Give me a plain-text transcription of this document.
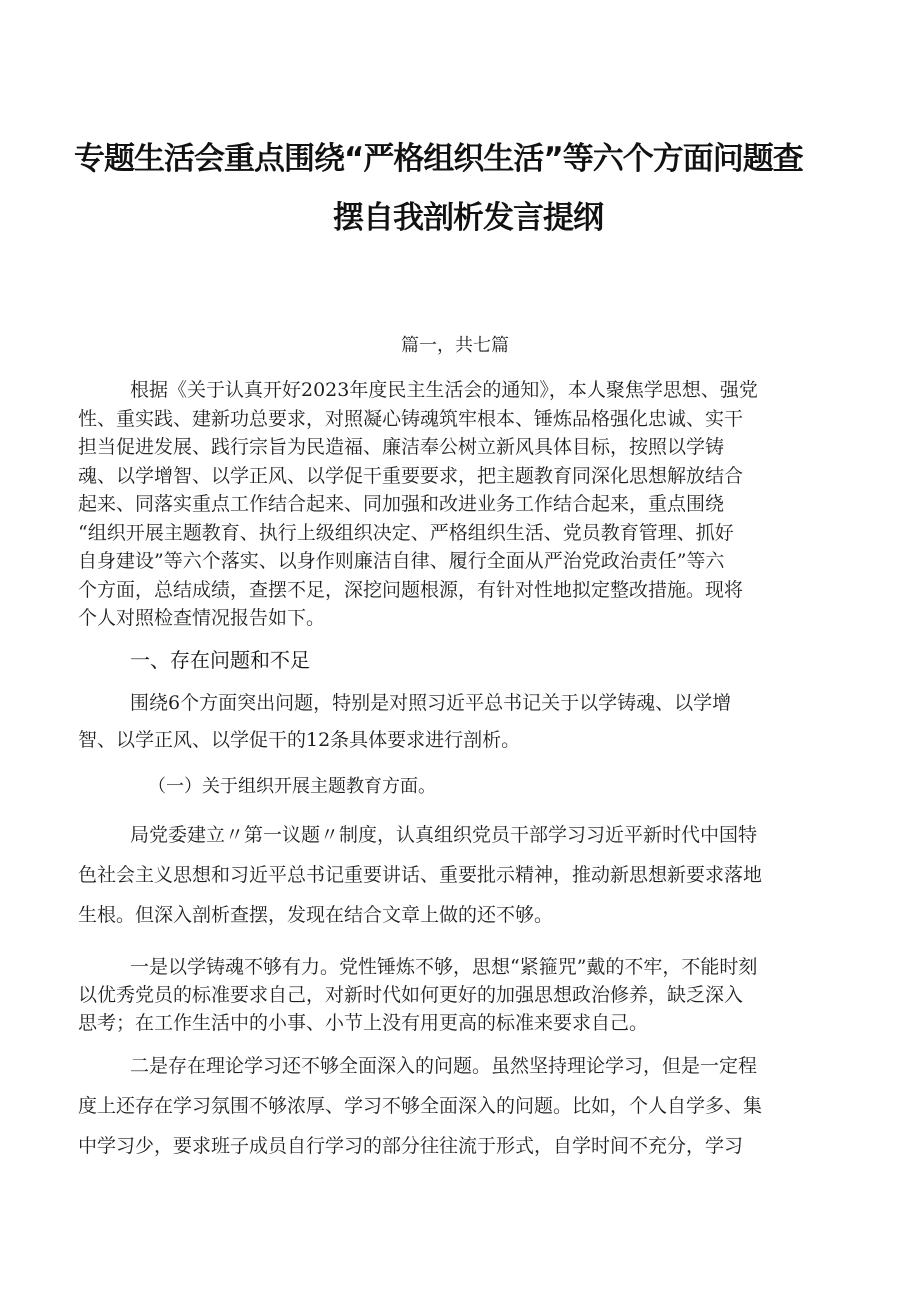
专题生活会重点围绕“严格组织生活”等六个方面问题查
摆自我剖析发言提纲
篇一，共七篇
根据《关于认真开好2023年度民主生活会的通知》，本人聚焦学思想、强党
性、重实践、建新功总要求，对照凝心铸魂筑牢根本、锤炼品格强化忠诚、实干
担当促进发展、践行宗旨为民造福、廉洁奉公树立新风具体目标，按照以学铸
魂、以学增智、以学正风、以学促干重要要求，把主题教育同深化思想解放结合
起来、同落实重点工作结合起来、同加强和改进业务工作结合起来，重点围绕
“组织开展主题教育、执行上级组织决定、严格组织生活、党员教育管理、抓好
自身建设”等六个落实、以身作则廉洁自律、履行全面从严治党政治责任”等六
个方面，总结成绩，查摆不足，深挖问题根源，有针对性地拟定整改措施。现将
个人对照检查情况报告如下。
一、存在问题和不足
围绕6个方面突出问题，特别是对照习近平总书记关于以学铸魂、以学增
智、以学正风、以学促干的12条具体要求进行剖析。
（一）关于组织开展主题教育方面。
局党委建立〃第一议题〃制度，认真组织党员干部学习习近平新时代中国特
色社会主义思想和习近平总书记重要讲话、重要批示精神，推动新思想新要求落地
生根。但深入剖析查摆，发现在结合文章上做的还不够。
一是以学铸魂不够有力。党性锤炼不够，思想“紧箍咒”戴的不牢，不能时刻
以优秀党员的标准要求自己，对新时代如何更好的加强思想政治修养，缺乏深入
思考；在工作生活中的小事、小节上没有用更高的标准来要求自己。
二是存在理论学习还不够全面深入的问题。虽然坚持理论学习，但是一定程
度上还存在学习氛围不够浓厚、学习不够全面深入的问题。比如，个人自学多、集
中学习少，要求班子成员自行学习的部分往往流于形式，自学时间不充分，学习
